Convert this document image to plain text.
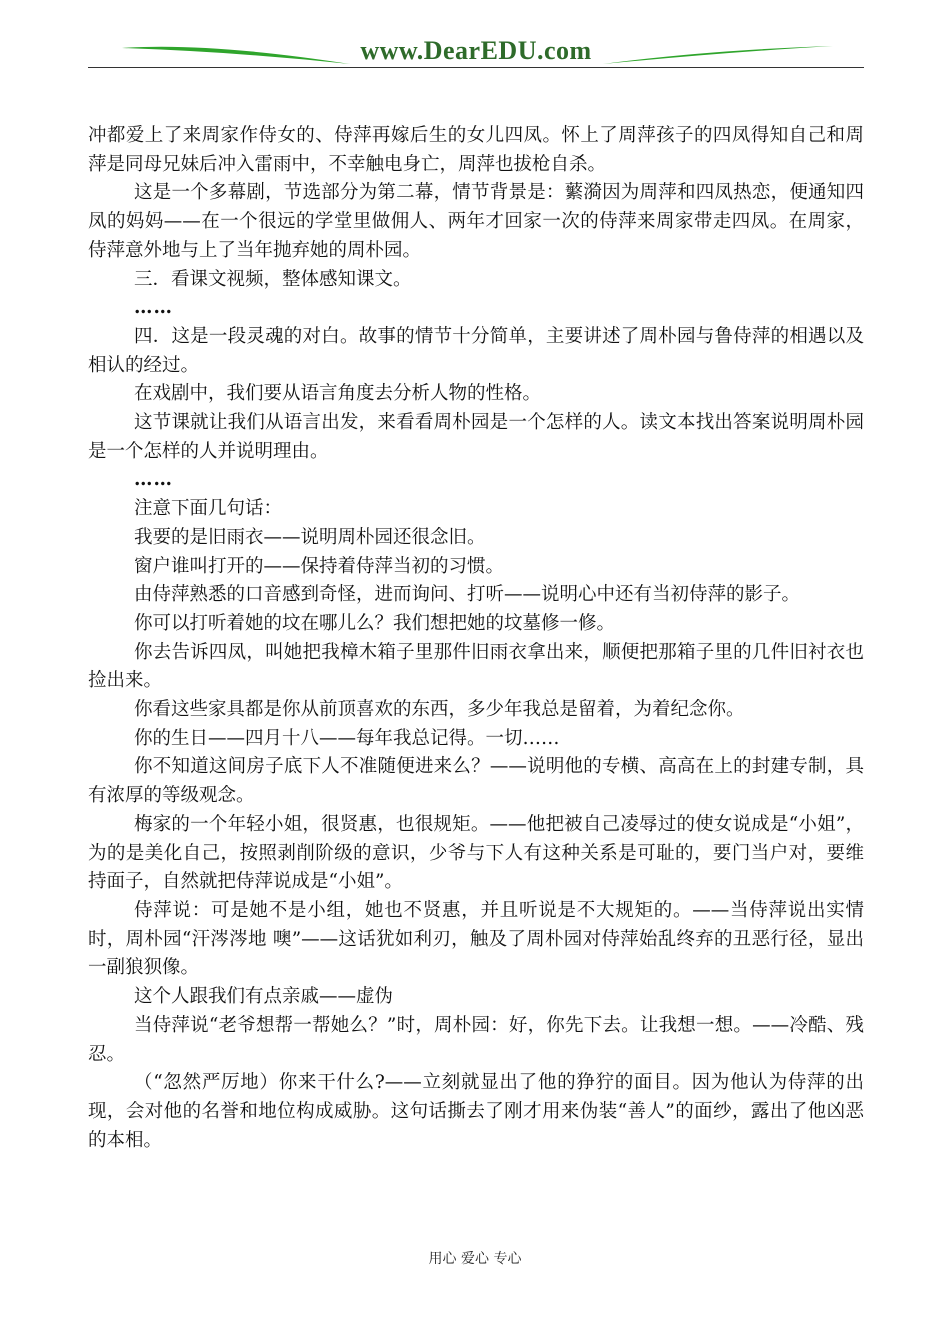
www.DearEDU.com

冲都爱上了来周家作侍女的、侍萍再嫁后生的女儿四凤。怀上了周萍孩子的四凤得知自己和周萍是同母兄妹后冲入雷雨中，不幸触电身亡，周萍也拔枪自杀。

这是一个多幕剧，节选部分为第二幕，情节背景是：蘩漪因为周萍和四凤热恋，便通知四凤的妈妈——在一个很远的学堂里做佣人、两年才回家一次的侍萍来周家带走四凤。在周家，侍萍意外地与上了当年抛弃她的周朴园。

三．看课文视频，整体感知课文。

……

四．这是一段灵魂的对白。故事的情节十分简单，主要讲述了周朴园与鲁侍萍的相遇以及相认的经过。

在戏剧中，我们要从语言角度去分析人物的性格。

这节课就让我们从语言出发，来看看周朴园是一个怎样的人。读文本找出答案说明周朴园是一个怎样的人并说明理由。

……

注意下面几句话：

我要的是旧雨衣——说明周朴园还很念旧。

窗户谁叫打开的——保持着侍萍当初的习惯。

由侍萍熟悉的口音感到奇怪，进而询问、打听——说明心中还有当初侍萍的影子。

你可以打听着她的坟在哪儿么？我们想把她的坟墓修一修。

你去告诉四凤，叫她把我樟木箱子里那件旧雨衣拿出来，顺便把那箱子里的几件旧衬衣也捡出来。

你看这些家具都是你从前顶喜欢的东西，多少年我总是留着，为着纪念你。

你的生日——四月十八——每年我总记得。一切……

你不知道这间房子底下人不准随便进来么？——说明他的专横、高高在上的封建专制，具有浓厚的等级观念。

梅家的一个年轻小姐，很贤惠，也很规矩。——他把被自己凌辱过的使女说成是“小姐”，为的是美化自己，按照剥削阶级的意识，少爷与下人有这种关系是可耻的，要门当户对，要维持面子，自然就把侍萍说成是“小姐”。

侍萍说：可是她不是小组，她也不贤惠，并且听说是不大规矩的。——当侍萍说出实情时，周朴园“汗涔涔地 噢”——这话犹如利刃，触及了周朴园对侍萍始乱终弃的丑恶行径，显出一副狼狈像。

这个人跟我们有点亲戚——虚伪

当侍萍说“老爷想帮一帮她么？”时，周朴园：好，你先下去。让我想一想。——冷酷、残忍。

（“忽然严厉地）你来干什么?——立刻就显出了他的狰狞的面目。因为他认为侍萍的出现，会对他的名誉和地位构成威胁。这句话撕去了刚才用来伪装“善人”的面纱，露出了他凶恶的本相。

用心 爱心 专心
